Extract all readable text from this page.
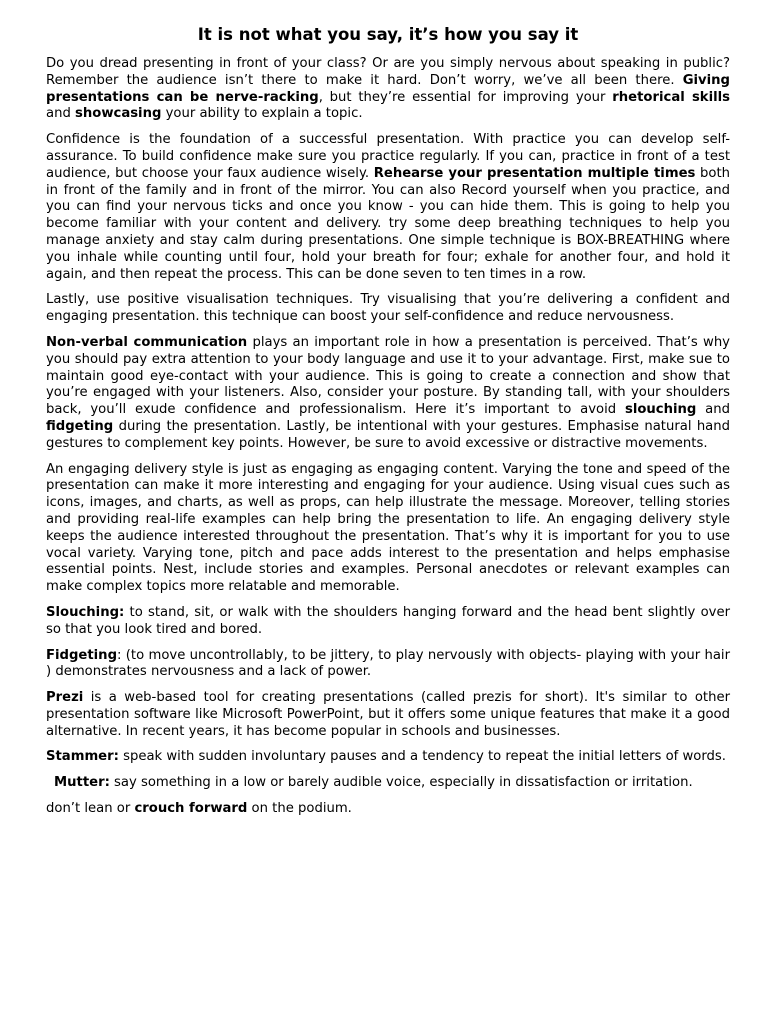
It is not what you say, it’s how you say it

Do you dread presenting in front of your class? Or are you simply nervous about speaking in public? Remember the audience isn’t there to make it hard. Don’t worry, we’ve all been there. Giving presentations can be nerve-racking, but they’re essential for improving your rhetorical skills and showcasing your ability to explain a topic.

Confidence is the foundation of a successful presentation. With practice you can develop self-assurance. To build confidence make sure you practice regularly. If you can, practice in front of a test audience, but choose your faux audience wisely. Rehearse your presentation multiple times both in front of the family and in front of the mirror. You can also Record yourself when you practice, and you can find your nervous ticks and once you know - you can hide them. This is going to help you become familiar with your content and delivery. try some deep breathing techniques to help you manage anxiety and stay calm during presentations. One simple technique is BOX-BREATHING where you inhale while counting until four, hold your breath for four; exhale for another four, and hold it again, and then repeat the process. This can be done seven to ten times in a row.

Lastly, use positive visualisation techniques. Try visualising that you’re delivering a confident and engaging presentation. this technique can boost your self-confidence and reduce nervousness.

Non-verbal communication plays an important role in how a presentation is perceived. That’s why you should pay extra attention to your body language and use it to your advantage. First, make sue to maintain good eye-contact with your audience. This is going to create a connection and show that you’re engaged with your listeners. Also, consider your posture. By standing tall, with your shoulders back, you’ll exude confidence and professionalism. Here it’s important to avoid slouching and fidgeting during the presentation. Lastly, be intentional with your gestures. Emphasise natural hand gestures to complement key points. However, be sure to avoid excessive or distractive movements.

An engaging delivery style is just as engaging as engaging content. Varying the tone and speed of the presentation can make it more interesting and engaging for your audience. Using visual cues such as icons, images, and charts, as well as props, can help illustrate the message. Moreover, telling stories and providing real-life examples can help bring the presentation to life. An engaging delivery style keeps the audience interested throughout the presentation. That’s why it is important for you to use vocal variety. Varying tone, pitch and pace adds interest to the presentation and helps emphasise essential points. Nest, include stories and examples. Personal anecdotes or relevant examples can make complex topics more relatable and memorable.

Slouching: to stand, sit, or walk with the shoulders hanging forward and the head bent slightly over so that you look tired and bored.

Fidgeting: (to move uncontrollably, to be jittery, to play nervously with objects- playing with your hair ) demonstrates nervousness and a lack of power.

Prezi is a web-based tool for creating presentations (called prezis for short). It's similar to other presentation software like Microsoft PowerPoint, but it offers some unique features that make it a good alternative. In recent years, it has become popular in schools and businesses.

Stammer: speak with sudden involuntary pauses and a tendency to repeat the initial letters of words.

Mutter: say something in a low or barely audible voice, especially in dissatisfaction or irritation.

don’t lean or crouch forward on the podium.
